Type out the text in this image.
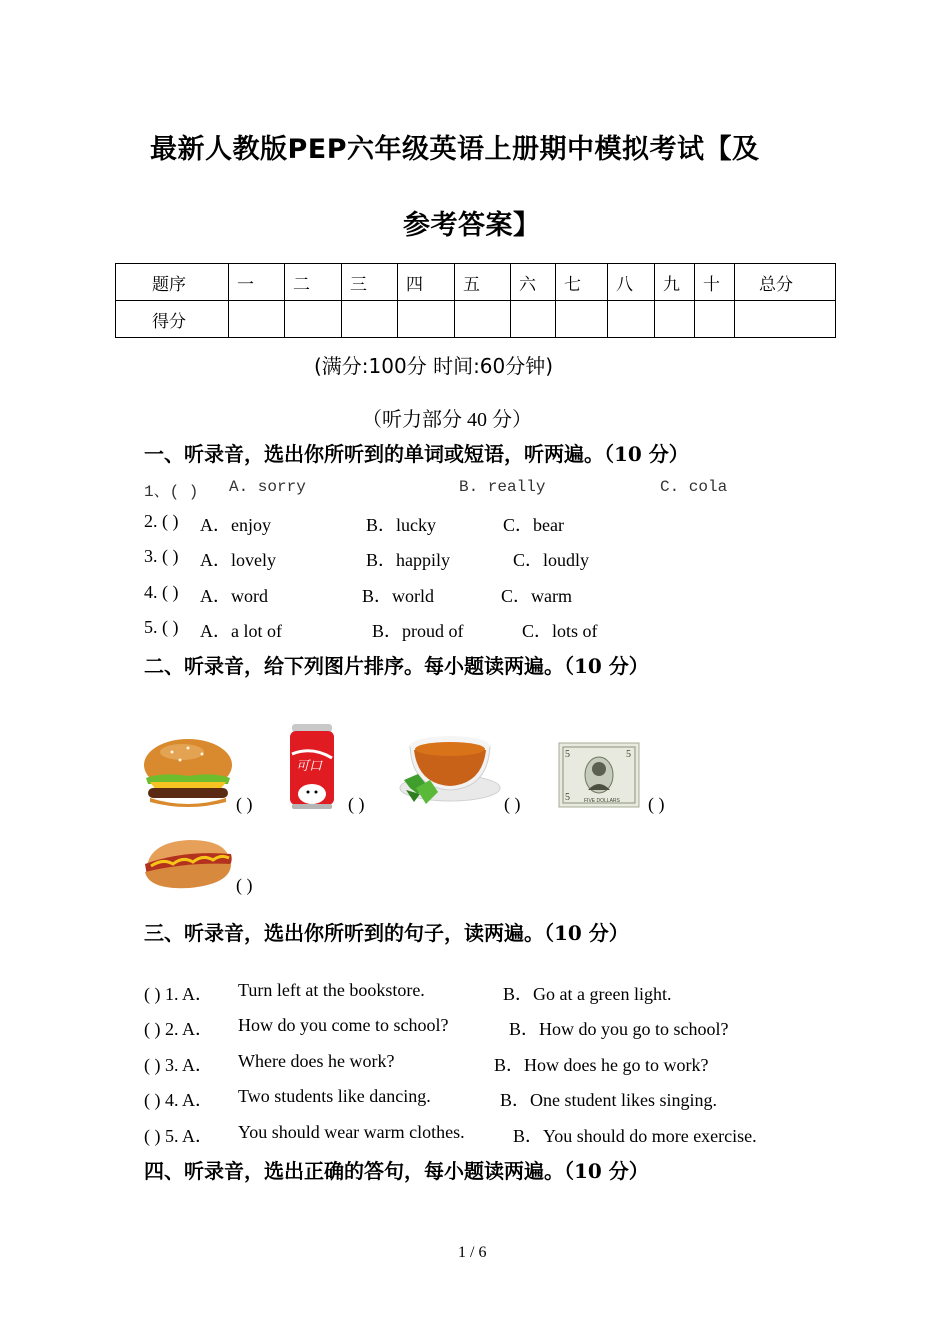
最新人教版PEP六年级英语上册期中模拟考试【及
参考答案】
题序	一	二	三	四	五	六	七	八	九	十	总分
得分											
(满分:100分 时间:60分钟)
（听力部分 40 分）
一、听录音，选出你所听到的单词或短语，听两遍。（10 分）
1、( ) A. sorry	B. really	C. cola
2. ( ) A．enjoy	B．lucky	C．bear
3. ( ) A．lovely	B．happily	C．loudly
4. ( ) A．word	B．world	C．warm
5. ( ) A．a lot of	B．proud of	C．lots of
二、听录音，给下列图片排序。每小题读两遍。（10 分）
( )
可口
( )	( )
5	5
5	FIVE DOLLARS ( )
( )
三、听录音，选出你所听到的句子，读两遍。（10 分）
( ) 1. A． Turn left at the bookstore.	B．Go at a green light.
( ) 2. A． How do you come to school?	B．How do you go to school?
( ) 3. A． Where does he work?	B．How does he go to work?
( ) 4. A． Two students like dancing.	B．One student likes singing.
( ) 5. A． You should wear warm clothes.	B．You should do more exercise.
四、听录音，选出正确的答句，每小题读两遍。（10 分）
1 / 6
